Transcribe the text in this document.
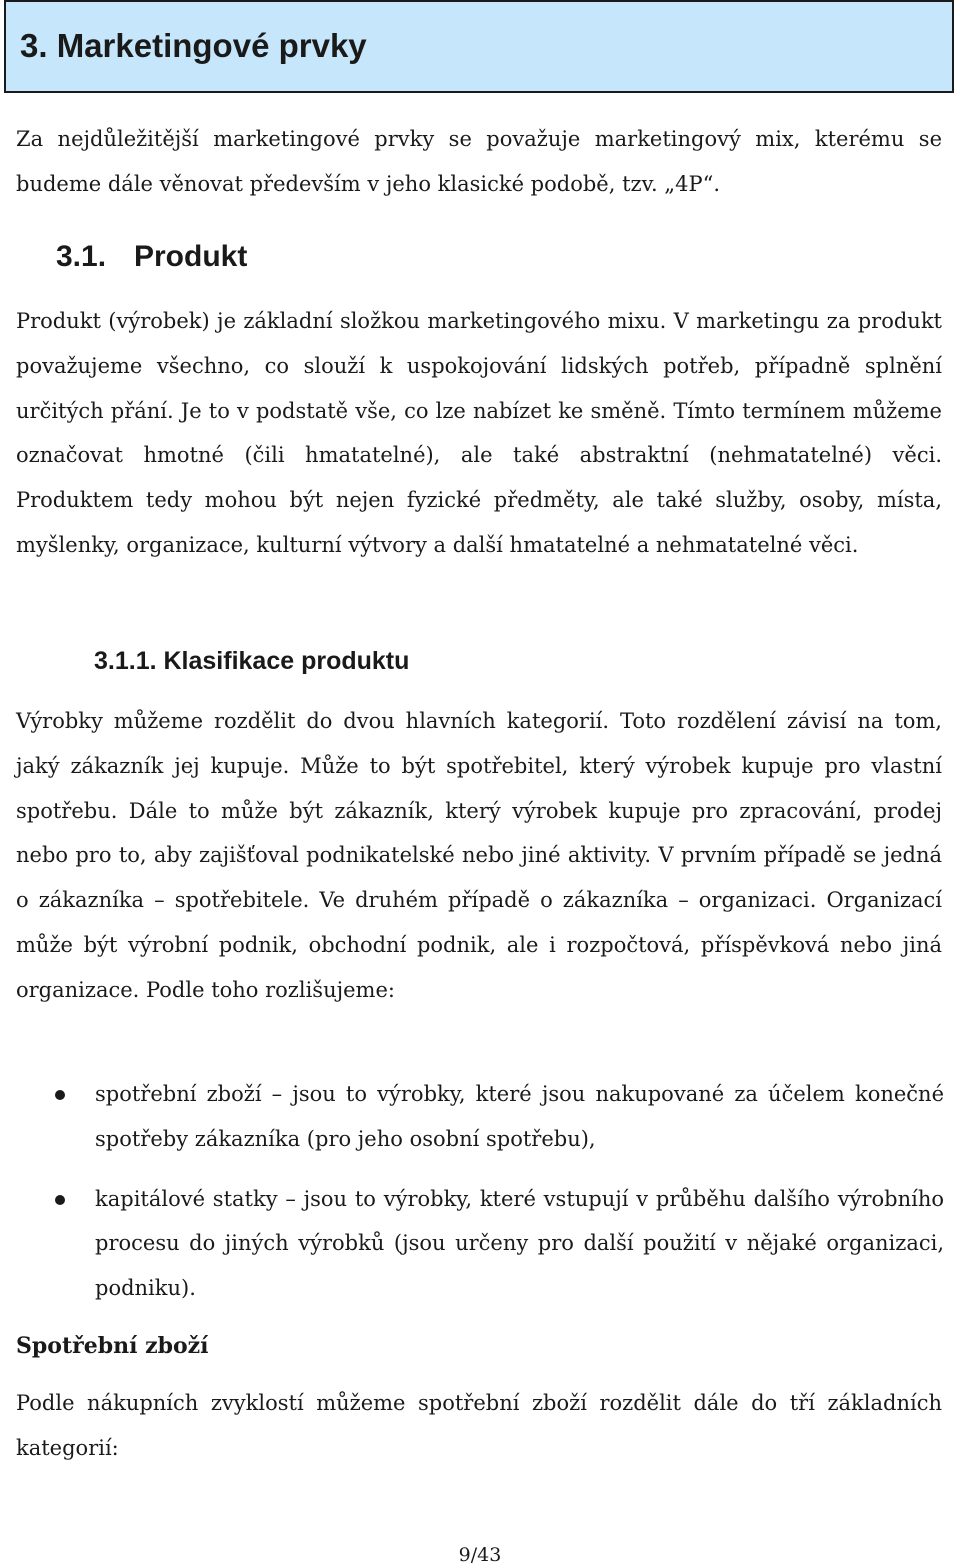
3. Marketingové prvky

Za nejdůležitější marketingové prvky se považuje marketingový mix, kterému se budeme dále věnovat především v jeho klasické podobě, tzv. „4P“.

3.1. Produkt

Produkt (výrobek) je základní složkou marketingového mixu. V marketingu za produkt považujeme všechno, co slouží k uspokojování lidských potřeb, případně splnění určitých přání. Je to v podstatě vše, co lze nabízet ke směně. Tímto termínem můžeme označovat hmotné (čili hmatatelné), ale také abstraktní (nehmatatelné) věci. Produktem tedy mohou být nejen fyzické předměty, ale také služby, osoby, místa, myšlenky, organizace, kulturní výtvory a další hmatatelné a nehmatatelné věci.

3.1.1. Klasifikace produktu

Výrobky můžeme rozdělit do dvou hlavních kategorií. Toto rozdělení závisí na tom, jaký zákazník jej kupuje. Může to být spotřebitel, který výrobek kupuje pro vlastní spotřebu. Dále to může být zákazník, který výrobek kupuje pro zpracování, prodej nebo pro to, aby zajišťoval podnikatelské nebo jiné aktivity. V prvním případě se jedná o zákazníka – spotřebitele. Ve druhém případě o zákazníka – organizaci. Organizací může být výrobní podnik, obchodní podnik, ale i rozpočtová, příspěvková nebo jiná organizace. Podle toho rozlišujeme:

spotřební zboží – jsou to výrobky, které jsou nakupované za účelem konečné spotřeby zákazníka (pro jeho osobní spotřebu),
kapitálové statky – jsou to výrobky, které vstupují v průběhu dalšího výrobního procesu do jiných výrobků (jsou určeny pro další použití v nějaké organizaci, podniku).
Spotřební zboží

Podle nákupních zvyklostí můžeme spotřební zboží rozdělit dále do tří základních kategorií:

9/43
